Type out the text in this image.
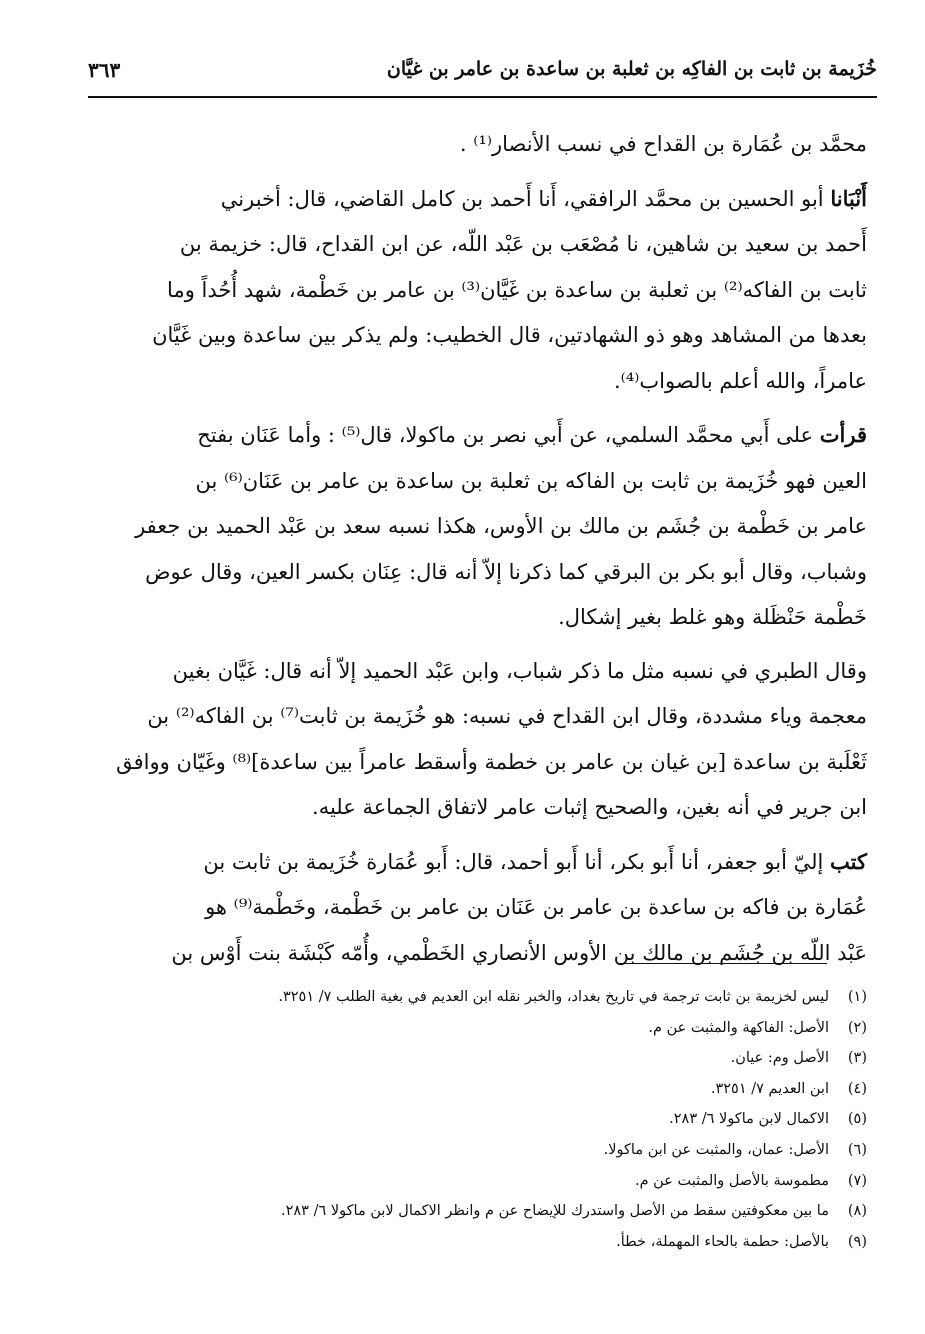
خُزَيمة بن ثابت بن الفاكِه بن ثعلبة بن ساعدة بن عامر بن غيَّان
٣٦٣

محمَّد بن عُمَارة بن القداح في نسب الأنصار⁽¹⁾ .

أَنْبَانا أبو الحسين بن محمَّد الرافقي، أَنا أَحمد بن كامل القاضي، قال: أخبرني
أَحمد بن سعيد بن شاهين، نا مُصْعَب بن عَبْد اللّه، عن ابن القداح، قال: خزيمة بن
ثابت بن الفاكه⁽²⁾ بن ثعلبة بن ساعدة بن غَيَّان⁽³⁾ بن عامر بن خَطْمة، شهد أُحُداً وما
بعدها من المشاهد وهو ذو الشهادتين، قال الخطيب: ولم يذكر بين ساعدة وبين غَيَّان
عامراً، والله أعلم بالصواب⁽⁴⁾.

قرأت على أَبي محمَّد السلمي، عن أَبي نصر بن ماكولا، قال⁽⁵⁾ : وأما عَنَان بفتح
العين فهو خُزَيمة بن ثابت بن الفاكه بن ثعلبة بن ساعدة بن عامر بن عَنَان⁽⁶⁾ بن
عامر بن خَطْمة بن جُشَم بن مالك بن الأوس، هكذا نسبه سعد بن عَبْد الحميد بن جعفر
وشباب، وقال أبو بكر بن البرقي كما ذكرنا إلاّ أنه قال: عِنَان بكسر العين، وقال عوض
خَطْمة حَنْظَلة وهو غلط بغير إشكال.

وقال الطبري في نسبه مثل ما ذكر شباب، وابن عَبْد الحميد إلاّ أنه قال: غَيَّان بغين
معجمة وياء مشددة، وقال ابن القداح في نسبه: هو خُزَيمة بن ثابت⁽⁷⁾ بن الفاكه⁽²⁾ بن
ثَعْلَبة بن ساعدة [بن غيان بن عامر بن خطمة وأسقط عامراً بين ساعدة]⁽⁸⁾ وغَيّان ووافق
ابن جرير في أنه بغين، والصحيح إثبات عامر لاتفاق الجماعة عليه.

كتب إليّ أبو جعفر، أنا أَبو بكر، أنا أَبو أحمد، قال: أَبو عُمَارة خُزَيمة بن ثابت بن
عُمَارة بن فاكه بن ساعدة بن عامر بن عَنَان بن عامر بن خَطْمة، وخَطْمة⁽⁹⁾ هو
عَبْد اللّه بن جُشَم بن مالك بن الأوس الأنصاري الخَطْمي، وأُمّه كَبْشَة بنت أَوْس بن

(١)
ليس لخزيمة بن ثابت ترجمة في تاريخ بغداد، والخبر نقله ابن العديم في بغية الطلب ٧/ ٣٢٥١.
(٢)
الأصل: الفاكهة والمثبت عن م.
(٣)
الأصل وم: عيان.
(٤)
ابن العديم ٧/ ٣٢٥١.
(٥)
الاكمال لابن ماكولا ٦/ ٢٨٣.
(٦)
الأصل: عمان، والمثبت عن ابن ماكولا.
(٧)
مطموسة بالأصل والمثبت عن م.
(٨)
ما بين معكوفتين سقط من الأصل واستدرك للإيضاح عن م وانظر الاكمال لابن ماكولا ٦/ ٢٨٣.
(٩)
بالأصل: حطمة بالحاء المهملة، خطأ.
